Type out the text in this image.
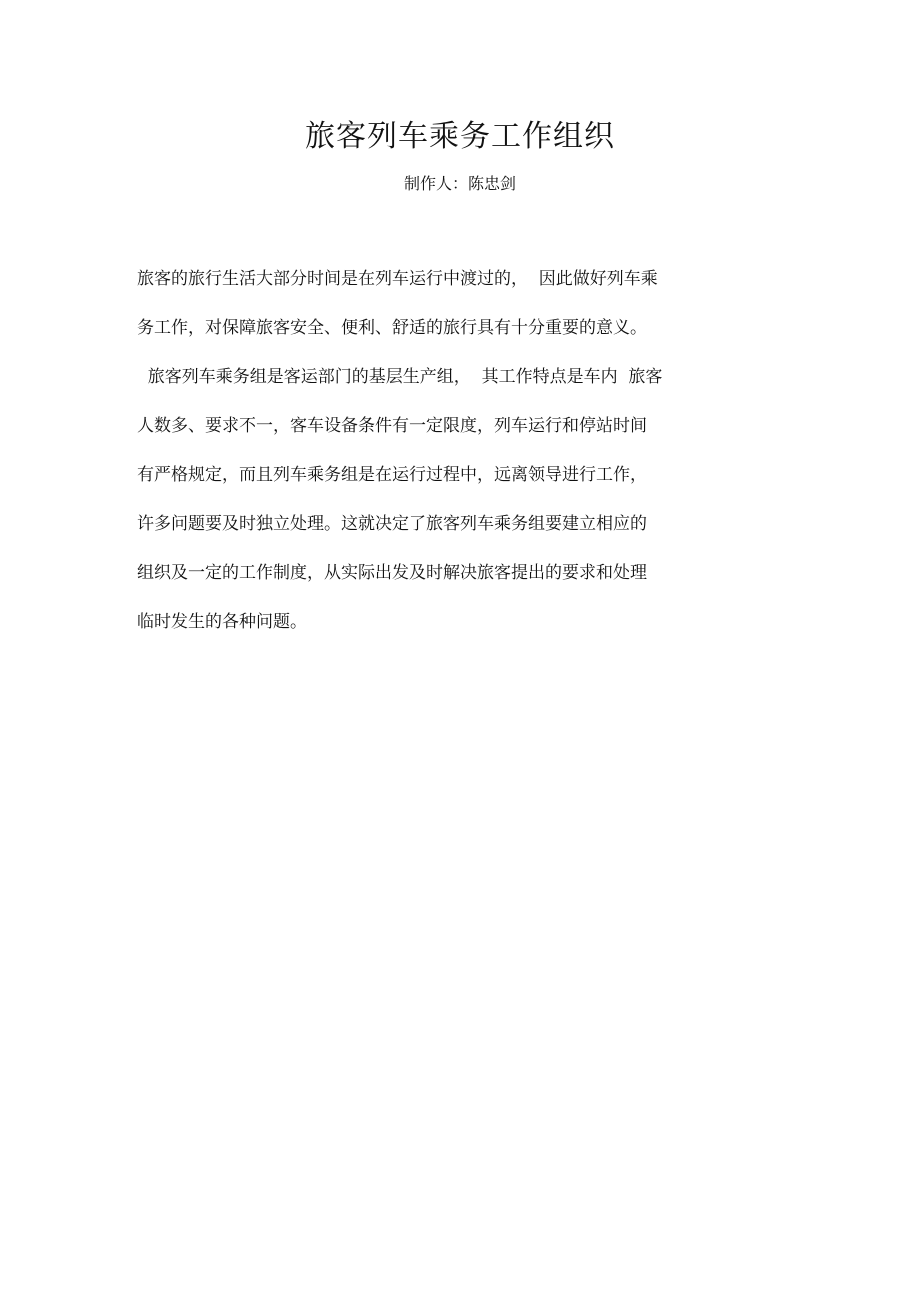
旅客列车乘务工作组织

制作人：陈忠剑

旅客的旅行生活大部分时间是在列车运行中渡过的，  因此做好列车乘
务工作，对保障旅客安全、便利、舒适的旅行具有十分重要的意义。
旅客列车乘务组是客运部门的基层生产组，  其工作特点是车内  旅客
人数多、要求不一，客车设备条件有一定限度，列车运行和停站时间
有严格规定，而且列车乘务组是在运行过程中，远离领导进行工作，
许多问题要及时独立处理。这就决定了旅客列车乘务组要建立相应的
组织及一定的工作制度，从实际出发及时解决旅客提出的要求和处理
临时发生的各种问题。
